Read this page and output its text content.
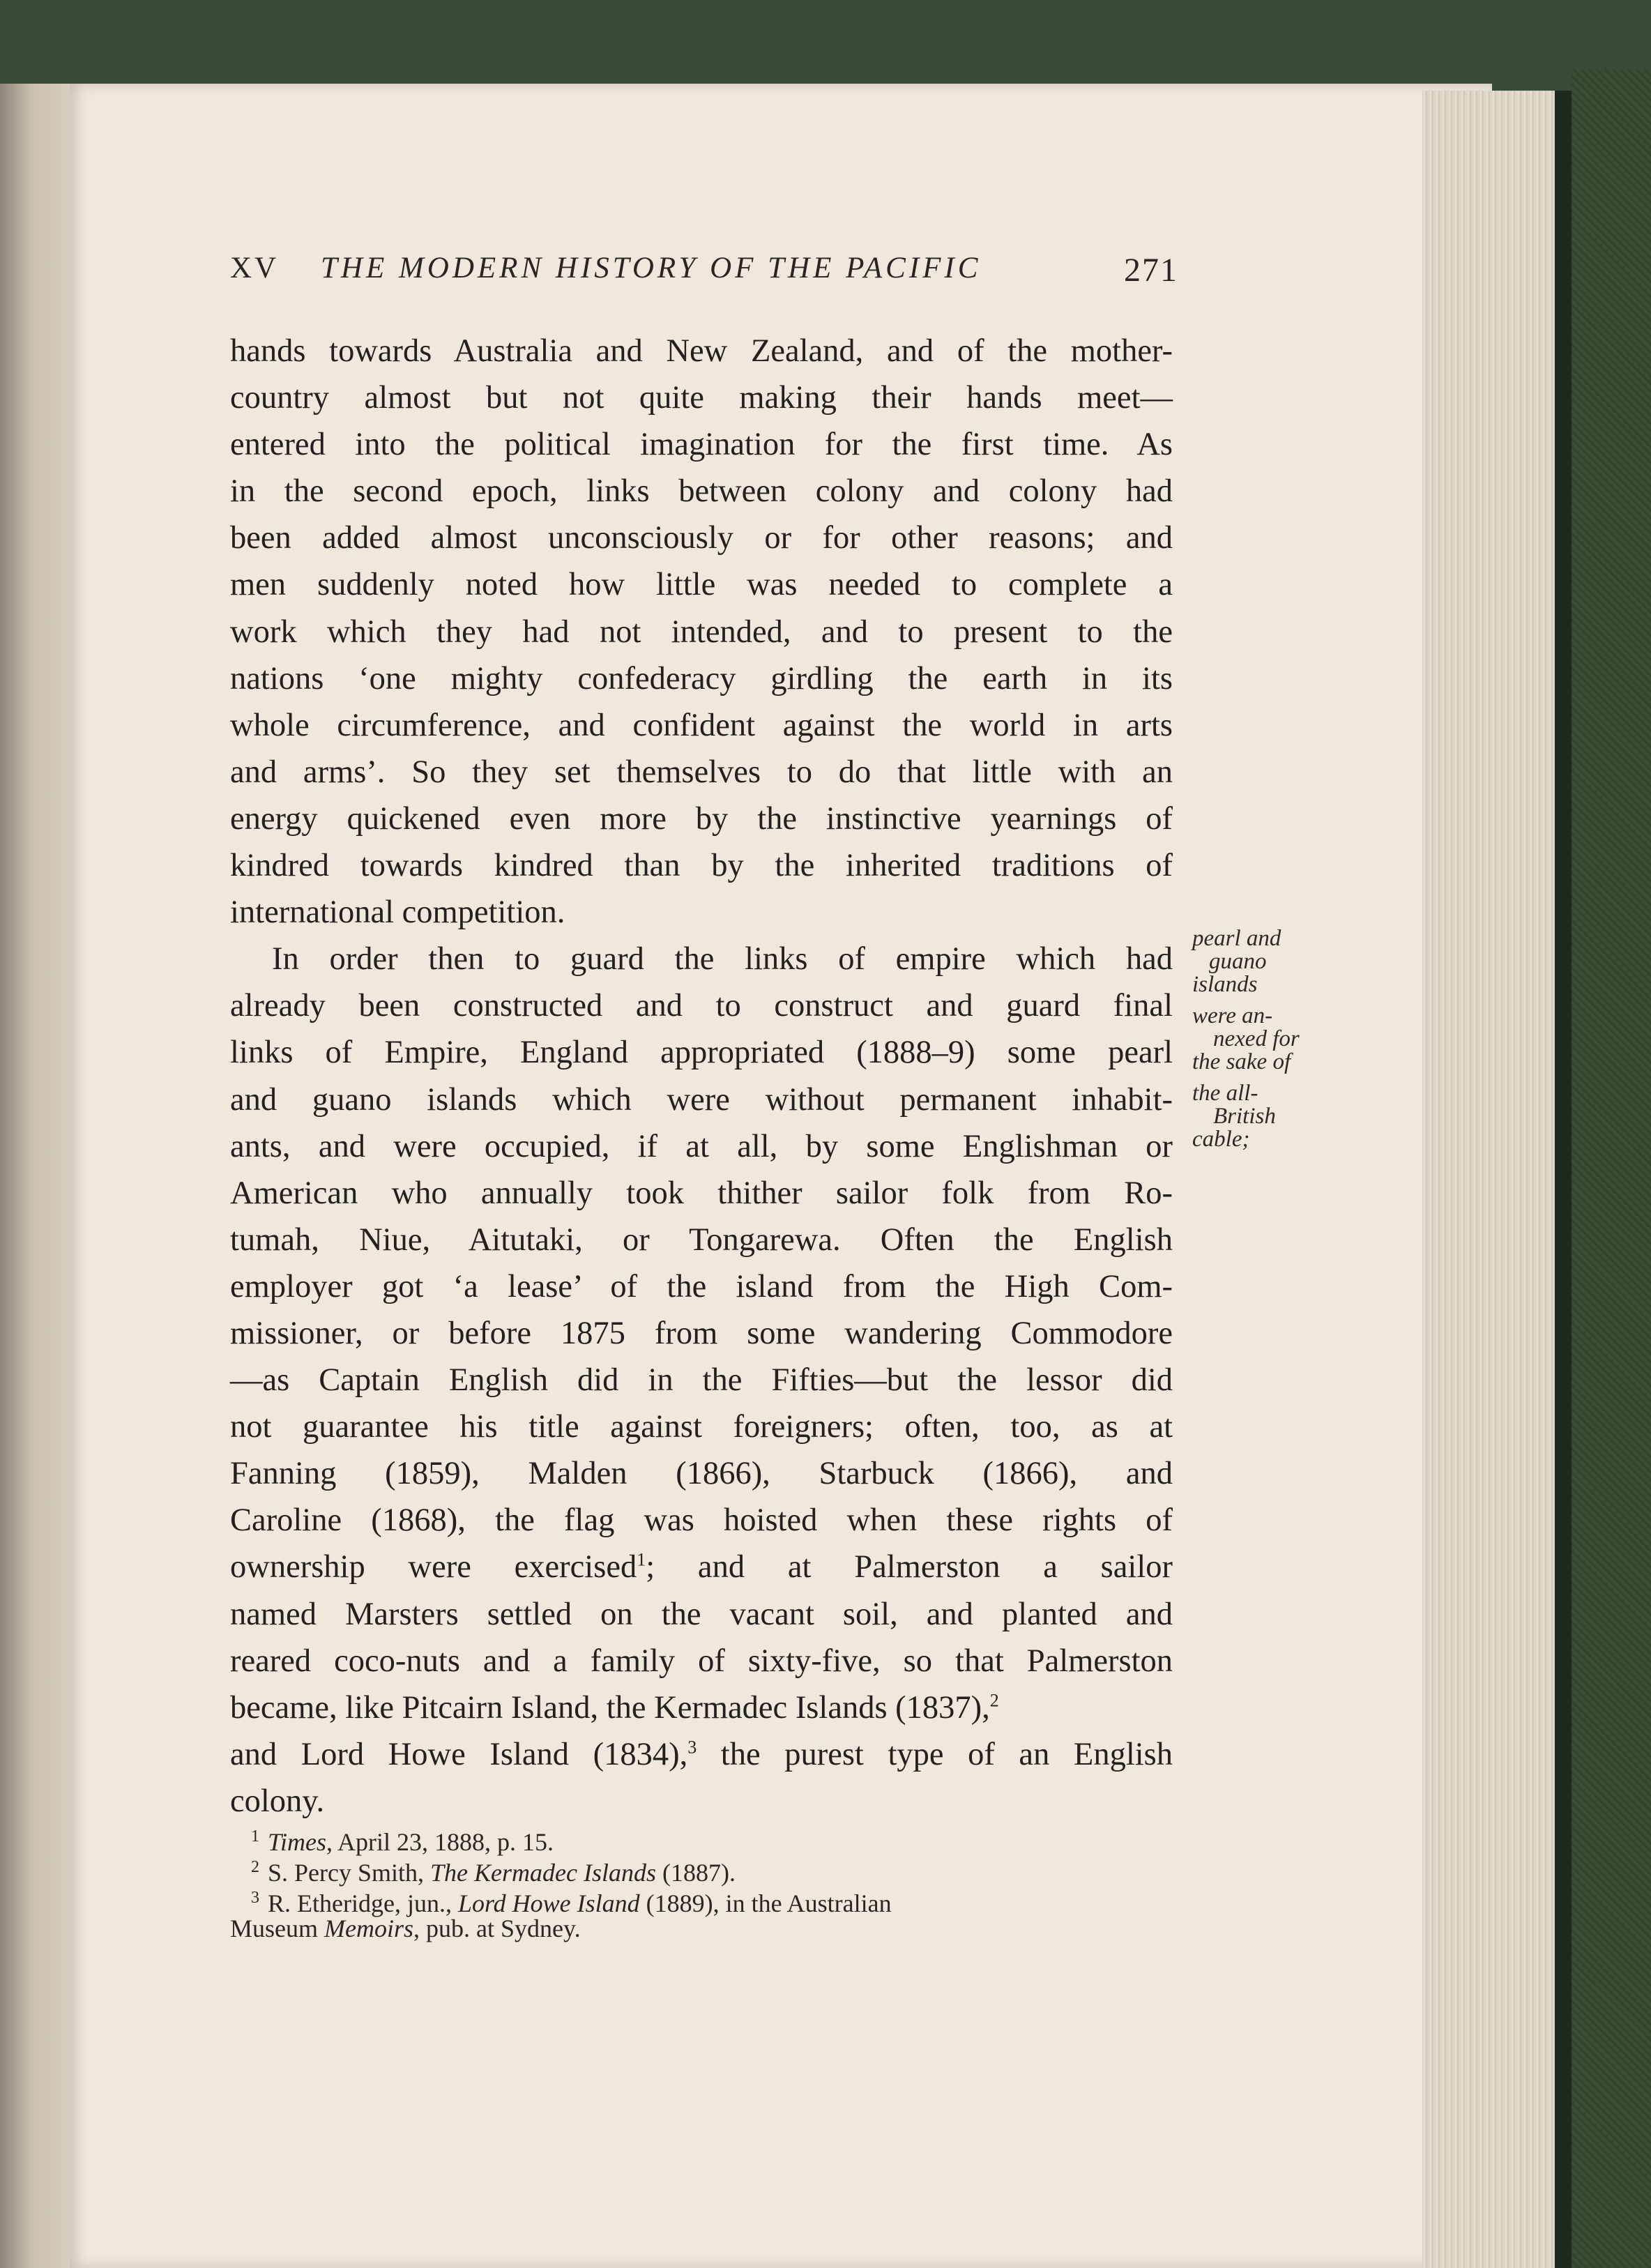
XV THE MODERN HISTORY OF THE PACIFIC	271
hands towards Australia and New Zealand, and of the mother-
country almost but not quite making their hands meet—
entered into the political imagination for the first time. As
in the second epoch, links between colony and colony had
been added almost unconsciously or for other reasons; and
men suddenly noted how little was needed to complete a
work which they had not intended, and to present to the
nations ‘one mighty confederacy girdling the earth in its
whole circumference, and confident against the world in arts
and arms’. So they set themselves to do that little with an
energy quickened even more by the instinctive yearnings of
kindred towards kindred than by the inherited traditions of
international competition.
In order then to guard the links of empire which had
already been constructed and to construct and guard final
links of Empire, England appropriated (1888–9) some pearl
and guano islands which were without permanent inhabit-
ants, and were occupied, if at all, by some Englishman or
American who annually took thither sailor folk from Ro-
tumah, Niue, Aitutaki, or Tongarewa. Often the English
employer got ‘a lease’ of the island from the High Com-
missioner, or before 1875 from some wandering Commodore
—as Captain English did in the Fifties—but the lessor did
not guarantee his title against foreigners; often, too, as at
Fanning (1859), Malden (1866), Starbuck (1866), and
Caroline (1868), the flag was hoisted when these rights of
ownership were exercised$^1$; and at Palmerston a sailor
named Marsters settled on the vacant soil, and planted and
reared coco-nuts and a family of sixty-five, so that Palmerston
became, like Pitcairn Island, the Kermadec Islands (1837),$^2$
and Lord Howe Island (1834),$^3$ the purest type of an English
colony.
pearl and
guano
islands
were an-
nexed for
the sake of
the all-
British
cable;
$^1$ Times, April 23, 1888, p. 15.
$^2$ S. Percy Smith, The Kermadec Islands (1887).
$^3$ R. Etheridge, jun., Lord Howe Island (1889), in the Australian
Museum Memoirs, pub. at Sydney.
